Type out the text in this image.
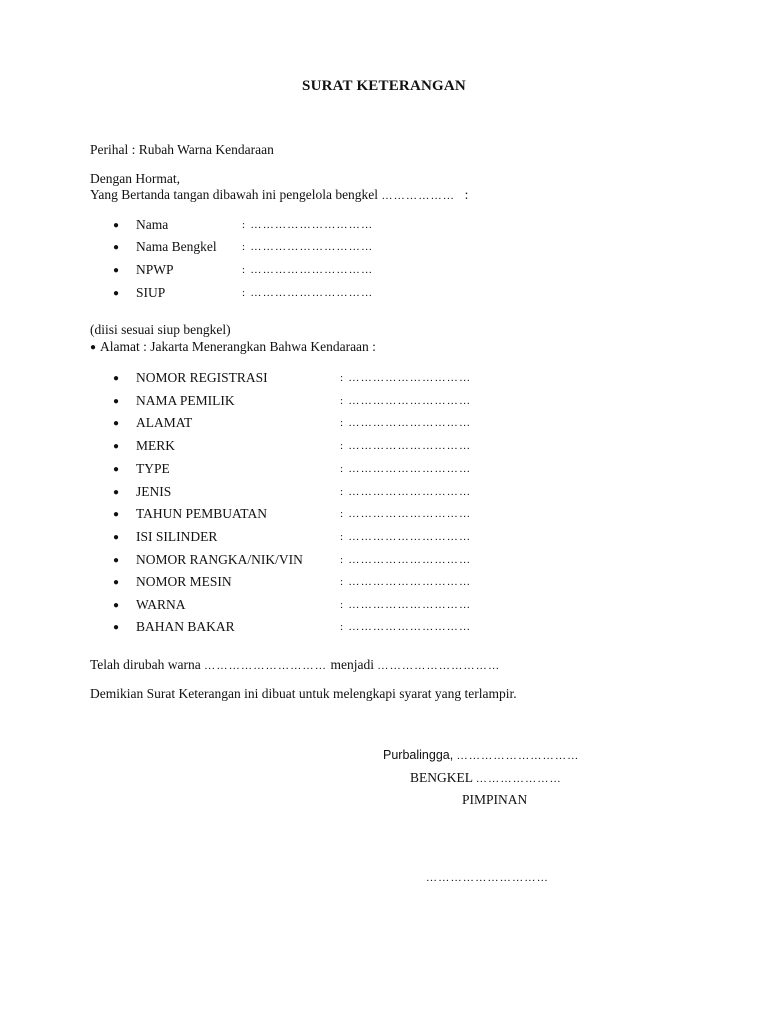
SURAT KETERANGAN
Perihal : Rubah Warna Kendaraan
Dengan Hormat,
Yang Bertanda tangan dibawah ini pengelola bengkel ……………… :
● Nama	: …………………………
● Nama Bengkel : …………………………
● NPWP	: …………………………
● SIUP	: …………………………
(diisi sesuai siup bengkel)
● Alamat : Jakarta Menerangkan Bahwa Kendaraan :
● NOMOR REGISTRASI	: …………………………
● NAMA PEMILIK	: …………………………
● ALAMAT	: …………………………
● MERK	: …………………………
● TYPE	: …………………………
● JENIS	: …………………………
● TAHUN PEMBUATAN	: …………………………
● ISI SILINDER	: …………………………
● NOMOR RANGKA/NIK/VIN	: …………………………
● NOMOR MESIN	: …………………………
● WARNA	: …………………………
● BAHAN BAKAR	: …………………………
Telah dirubah warna ………………………… menjadi …………………………
Demikian Surat Keterangan ini dibuat untuk melengkapi syarat yang terlampir.
Purbalingga, …………………………
BENGKEL …………………
PIMPINAN
…………………………
